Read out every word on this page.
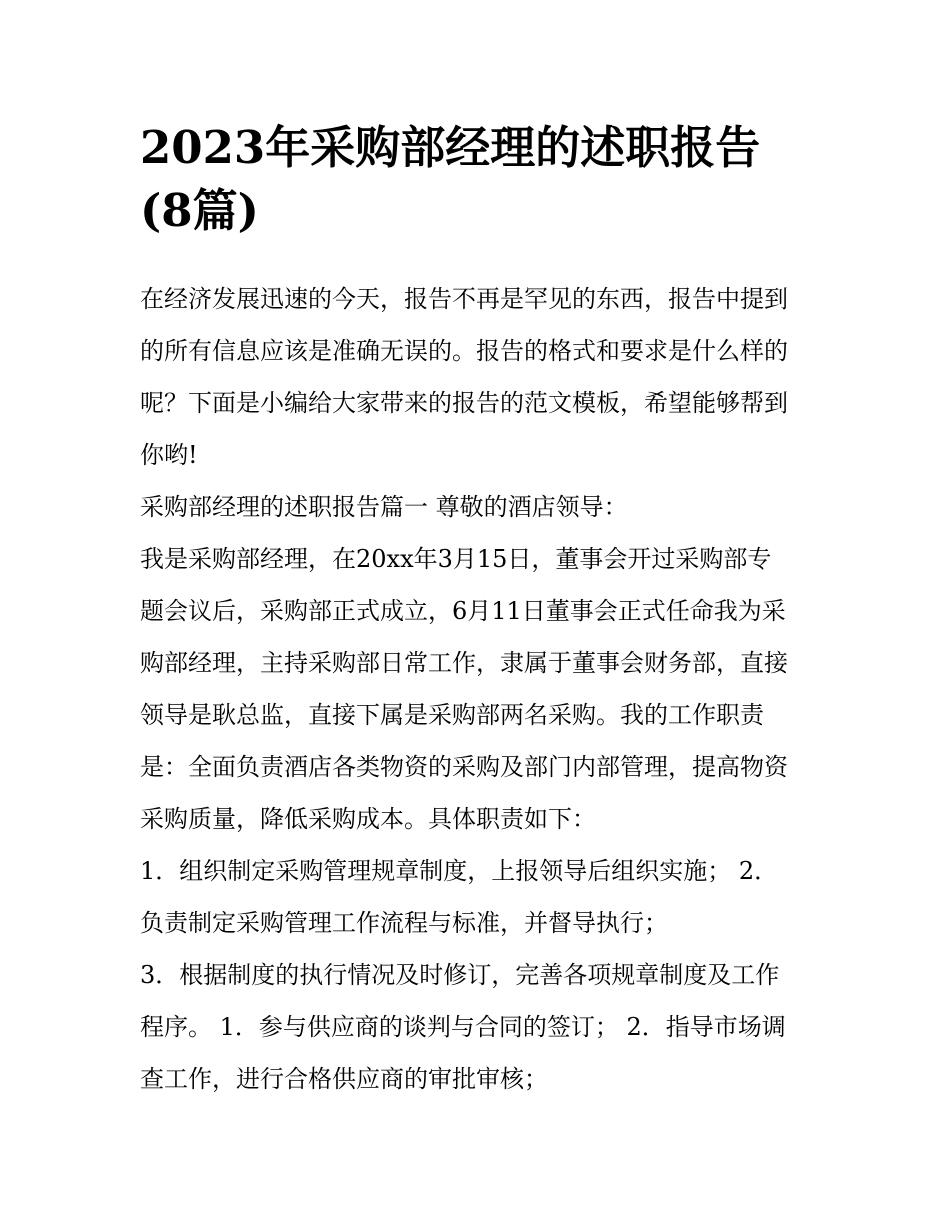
2023年采购部经理的述职报告
(8篇)

在经济发展迅速的今天，报告不再是罕见的东西，报告中提到

的所有信息应该是准确无误的。报告的格式和要求是什么样的

呢？下面是小编给大家带来的报告的范文模板，希望能够帮到

你哟!

采购部经理的述职报告篇一 尊敬的酒店领导：

我是采购部经理，在20xx年3月15日，董事会开过采购部专

题会议后，采购部正式成立，6月11日董事会正式任命我为采

购部经理，主持采购部日常工作，隶属于董事会财务部，直接

领导是耿总监，直接下属是采购部两名采购。我的工作职责

是：全面负责酒店各类物资的采购及部门内部管理，提高物资

采购质量，降低采购成本。具体职责如下：

1．组织制定采购管理规章制度，上报领导后组织实施； 2．

负责制定采购管理工作流程与标准，并督导执行；

3．根据制度的执行情况及时修订，完善各项规章制度及工作

程序。 1．参与供应商的谈判与合同的签订； 2．指导市场调

查工作，进行合格供应商的审批审核；
